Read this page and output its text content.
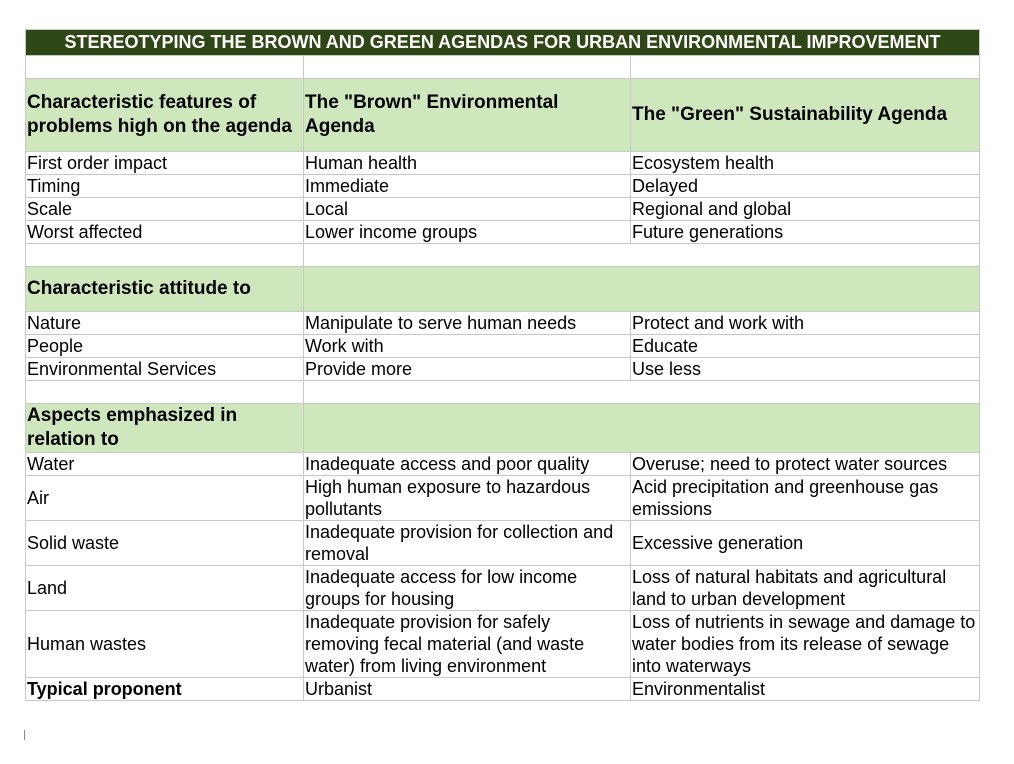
STEREOTYPING THE BROWN AND GREEN AGENDAS FOR URBAN ENVIRONMENTAL IMPROVEMENT		

Characteristic features of problems high on the agenda	The "Brown" Environmental Agenda	The "Green" Sustainability Agenda
First order impact	Human health	Ecosystem health
Timing	Immediate	Delayed
Scale	Local	Regional and global
Worst affected	Lower income groups	Future generations

Characteristic attitude to		
Nature	Manipulate to serve human needs	Protect and work with
People	Work with	Educate
Environmental Services	Provide more	Use less

Aspects emphasized in relation to		
Water	Inadequate access and poor quality	Overuse; need to protect water sources
Air	High human exposure to hazardous pollutants	Acid precipitation and greenhouse gas emissions
Solid waste	Inadequate provision for collection and removal	Excessive generation
Land	Inadequate access for low income groups for housing	Loss of natural habitats and agricultural land to urban development
Human wastes	Inadequate provision for safely removing fecal material (and waste water) from living environment	Loss of nutrients in sewage and damage to water bodies from its release of sewage into waterways
Typical proponent	Urbanist	Environmentalist
